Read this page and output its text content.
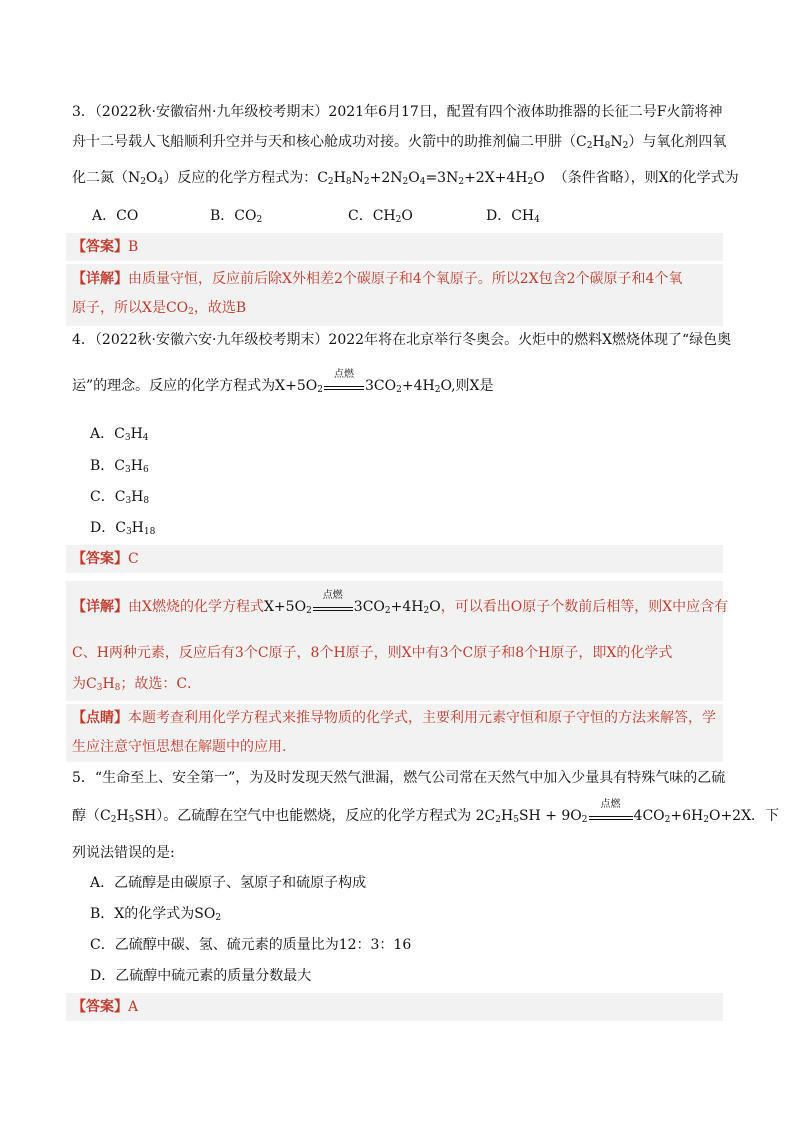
3．（2022秋·安徽宿州·九年级校考期末）2021年6月17日，配置有四个液体助推器的长征二号F火箭将神
舟十二号载人飞船顺利升空并与天和核心舱成功对接。火箭中的助推剂偏二甲肼$(C_2H_8N_2)$与氧化剂四氧
化二氮$(N_2O_4)$反应的化学方程式为：$C_2H_8N_2+2N_2O_4=3N_2+2X+4H_2O$ （条件省略），则X的化学式为
A．CO	B．$CO_2$	C．$CH_2O$	D．$CH_4$
【答案】B
【详解】由质量守恒，反应前后除X外相差2个碳原子和4个氧原子。所以2X包含2个碳原子和4个氧
原子，所以X是$CO_2$，故选B
4．（2022秋·安徽六安·九年级校考期末）2022年将在北京举行冬奥会。火炬中的燃料X燃烧体现了“绿色奥
运”的理念。反应的化学方程式为$X+5O_2$
点燃
$3CO_2+4H_2O$,则X是
A．$C_3H_4$
B．$C_3H_6$
C．$C_3H_8$
D．$C_3H_{18}$
【答案】C
【详解】由X燃烧的化学方程式$X+5O_2$
点燃
$3CO_2+4H_2O$，可以看出O原子个数前后相等，则X中应含有
C、H两种元素，反应后有3个C原子，8个H原子，则X中有3个C原子和8个H原子，即X的化学式
为$C_3H_8$；故选：C．
【点睛】本题考查利用化学方程式来推导物质的化学式，主要利用元素守恒和原子守恒的方法来解答，学
生应注意守恒思想在解题中的应用.
5．“生命至上、安全第一”，为及时发现天然气泄漏，燃气公司常在天然气中加入少量具有特殊气味的乙硫
醇$(C_2H_5SH)$。乙硫醇在空气中也能燃烧，反应的化学方程式为 $2C_2H_5SH + 9O_2$
点燃
$4CO_2+6H_2O+2X$．下
列说法错误的是:
A．乙硫醇是由碳原子、氢原子和硫原子构成
B．X的化学式为$SO_2$
C．乙硫醇中碳、氢、硫元素的质量比为12：3：16
D．乙硫醇中硫元素的质量分数最大
【答案】A
